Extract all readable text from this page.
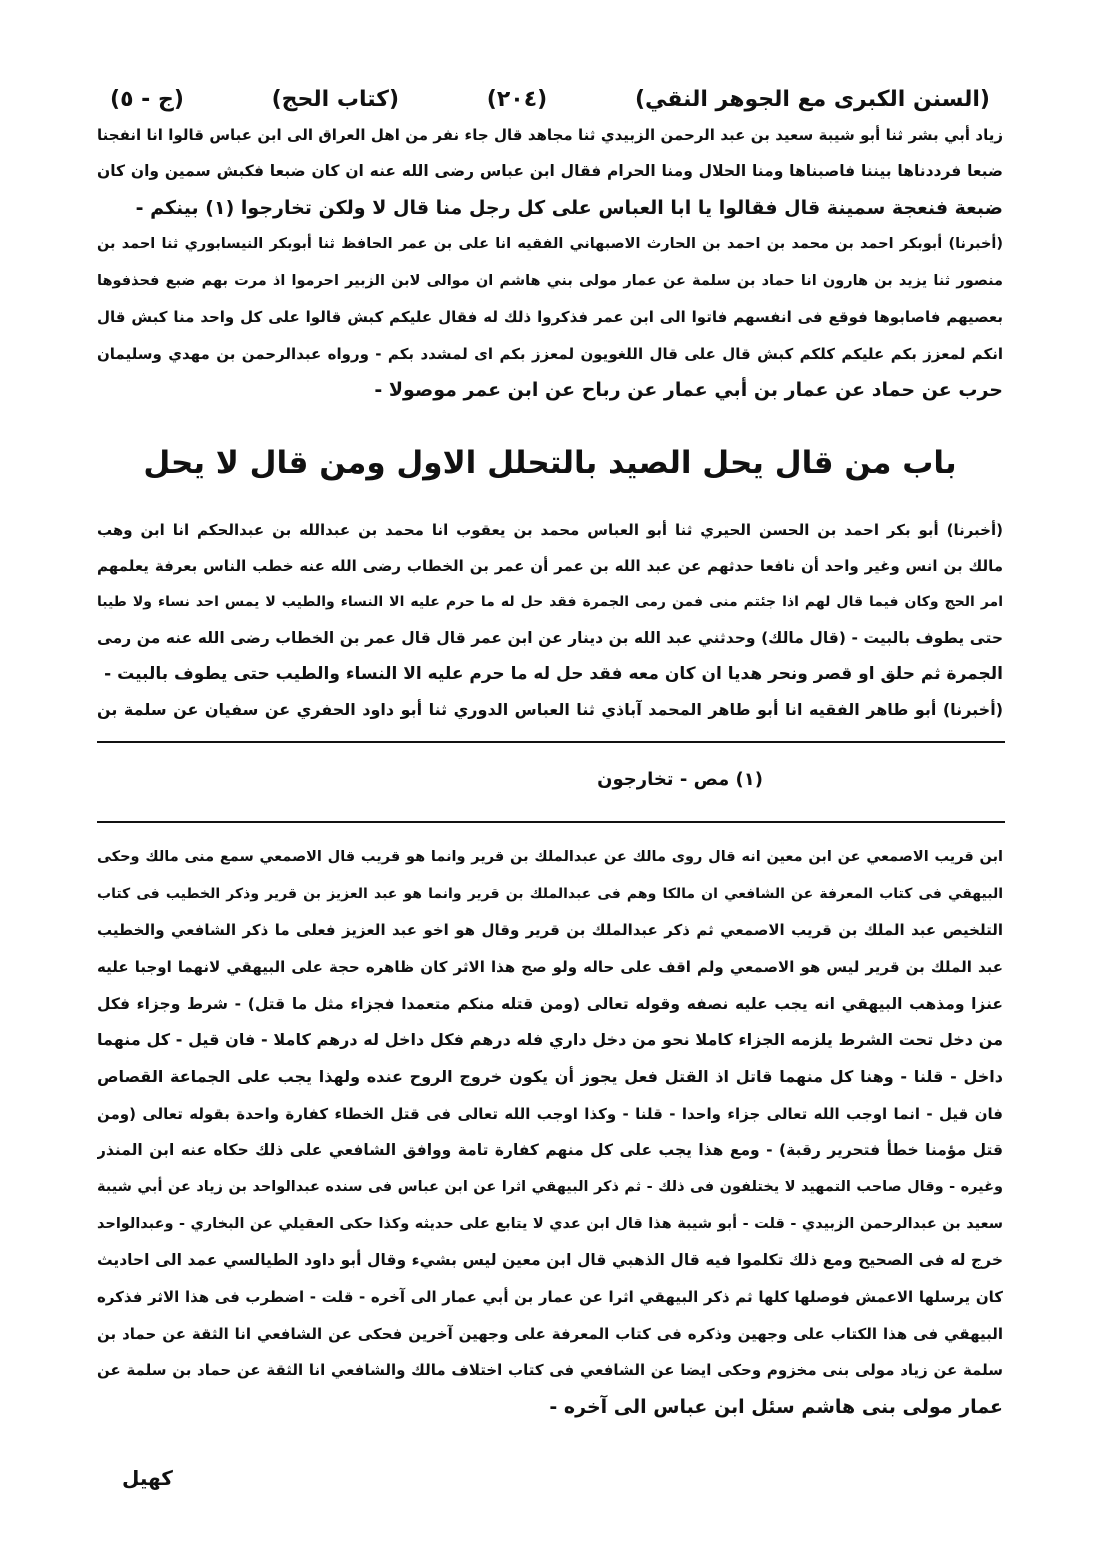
(السنن الكبرى مع الجوهر النقي)
(٢٠٤)
(كتاب الحج)
(ج - ٥)
زياد أبي بشر ثنا أبو شيبة سعيد بن عبد الرحمن الزبيدي ثنا مجاهد قال جاء نفر من اهل العراق الى ابن عباس قالوا انا انفجنا
ضبعا فرددناها بيننا فاصبناها ومنا الحلال ومنا الحرام فقال ابن عباس رضى الله عنه ان كان ضبعا فكبش سمين وان كان
ضبعة فنعجة سمينة قال فقالوا يا ابا العباس على كل رجل منا قال لا ولكن تخارجوا (١) بينكم -
(أخبرنا) أبوبكر احمد بن محمد بن احمد بن الحارث الاصبهاني الفقيه انا على بن عمر الحافظ ثنا أبوبكر النيسابوري ثنا احمد بن
منصور ثنا يزيد بن هارون انا حماد بن سلمة عن عمار مولى بني هاشم ان موالى لابن الزبير احرموا اذ مرت بهم ضبع فحذفوها
بعصيهم فاصابوها فوقع فى انفسهم فاتوا الى ابن عمر فذكروا ذلك له فقال عليكم كبش قالوا على كل واحد منا كبش قال
انكم لمعزز بكم عليكم كلكم كبش قال على قال اللغويون لمعزز بكم اى لمشدد بكم - ورواه عبدالرحمن بن مهدي وسليمان
حرب عن حماد عن عمار بن أبي عمار عن رباح عن ابن عمر موصولا -
باب من قال يحل الصيد بالتحلل الاول ومن قال لا يحل
(أخبرنا) أبو بكر احمد بن الحسن الحيري ثنا أبو العباس محمد بن يعقوب انا محمد بن عبدالله بن عبدالحكم انا ابن وهب
مالك بن انس وغير واحد أن نافعا حدثهم عن عبد الله بن عمر أن عمر بن الخطاب رضى الله عنه خطب الناس بعرفة يعلمهم
امر الحج وكان فيما قال لهم اذا جئتم منى فمن رمى الجمرة فقد حل له ما حرم عليه الا النساء والطيب لا يمس احد نساء ولا طيبا
حتى يطوف بالبيت - (قال مالك) وحدثني عبد الله بن دينار عن ابن عمر قال قال عمر بن الخطاب رضى الله عنه من رمى
الجمرة ثم حلق او قصر ونحر هديا ان كان معه فقد حل له ما حرم عليه الا النساء والطيب حتى يطوف بالبيت -
(أخبرنا) أبو طاهر الفقيه انا أبو طاهر المحمد آباذي ثنا العباس الدوري ثنا أبو داود الحفري عن سفيان عن سلمة بن
(١) مص - تخارجون
ابن قريب الاصمعي عن ابن معين انه قال روى مالك عن عبدالملك بن قرير وانما هو قريب قال الاصمعي سمع منى مالك وحكى
البيهقي فى كتاب المعرفة عن الشافعي ان مالكا وهم فى عبدالملك بن قرير وانما هو عبد العزيز بن قرير وذكر الخطيب فى كتاب
التلخيص عبد الملك بن قريب الاصمعي ثم ذكر عبدالملك بن قرير وقال هو اخو عبد العزيز فعلى ما ذكر الشافعي والخطيب
عبد الملك بن قرير ليس هو الاصمعي ولم اقف على حاله ولو صح هذا الاثر كان ظاهره حجة على البيهقي لانهما اوجبا عليه
عنزا ومذهب البيهقي انه يجب عليه نصفه وقوله تعالى (ومن قتله منكم متعمدا فجزاء مثل ما قتل) - شرط وجزاء فكل
من دخل تحت الشرط يلزمه الجزاء كاملا نحو من دخل داري فله درهم فكل داخل له درهم كاملا - فان قيل - كل منهما
داخل - قلنا - وهنا كل منهما قاتل اذ القتل فعل يجوز أن يكون خروج الروح عنده ولهذا يجب على الجماعة القصاص
فان قيل - انما اوجب الله تعالى جزاء واحدا - قلنا - وكذا اوجب الله تعالى فى قتل الخطاء كفارة واحدة بقوله تعالى (ومن
قتل مؤمنا خطأ فتحرير رقبة) - ومع هذا يجب على كل منهم كفارة تامة ووافق الشافعي على ذلك حكاه عنه ابن المنذر
وغيره - وقال صاحب التمهيد لا يختلفون فى ذلك - ثم ذكر البيهقي اثرا عن ابن عباس فى سنده عبدالواحد بن زياد عن أبي شيبة
سعيد بن عبدالرحمن الزبيدي - قلت - أبو شيبة هذا قال ابن عدي لا يتابع على حديثه وكذا حكى العقيلي عن البخاري - وعبدالواحد
خرج له فى الصحيح ومع ذلك تكلموا فيه قال الذهبي قال ابن معين ليس بشيء وقال أبو داود الطيالسي عمد الى احاديث
كان يرسلها الاعمش فوصلها كلها ثم ذكر البيهقي اثرا عن عمار بن أبي عمار الى آخره - قلت - اضطرب فى هذا الاثر فذكره
البيهقي فى هذا الكتاب على وجهين وذكره فى كتاب المعرفة على وجهين آخرين فحكى عن الشافعي انا الثقة عن حماد بن
سلمة عن زياد مولى بنى مخزوم وحكى ايضا عن الشافعي فى كتاب اختلاف مالك والشافعي انا الثقة عن حماد بن سلمة عن
عمار مولى بنى هاشم سئل ابن عباس الى آخره -
كهيل
